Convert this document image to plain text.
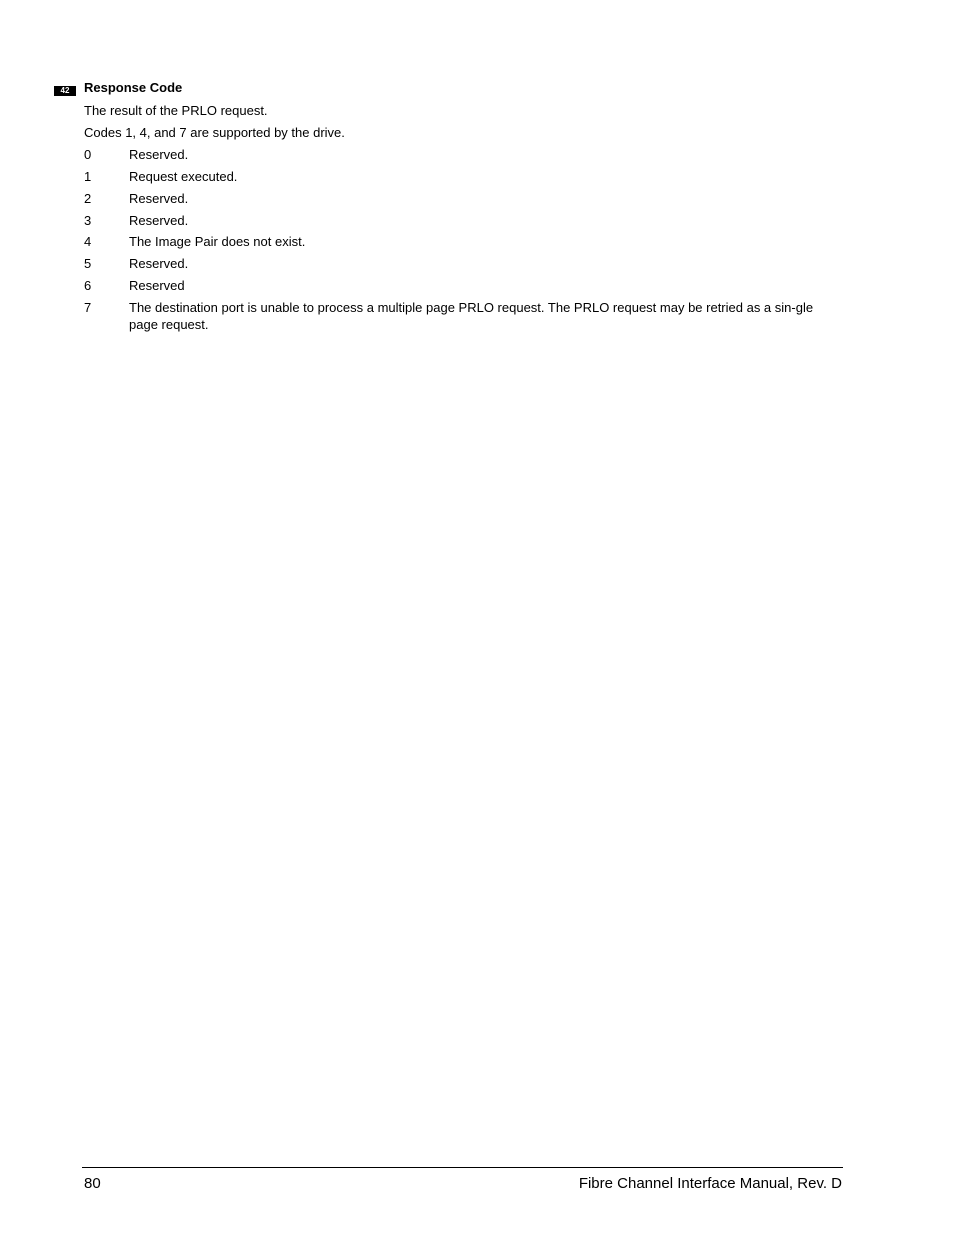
42	Response Code
The result of the PRLO request.
Codes 1, 4, and 7 are supported by the drive.
0	Reserved.
1	Request executed.
2	Reserved.
3	Reserved.
4	The Image Pair does not exist.
5	Reserved.
6	Reserved
7	The destination port is unable to process a multiple page PRLO request. The PRLO request may be retried as a sin-gle page request.
80	Fibre Channel Interface Manual, Rev. D
